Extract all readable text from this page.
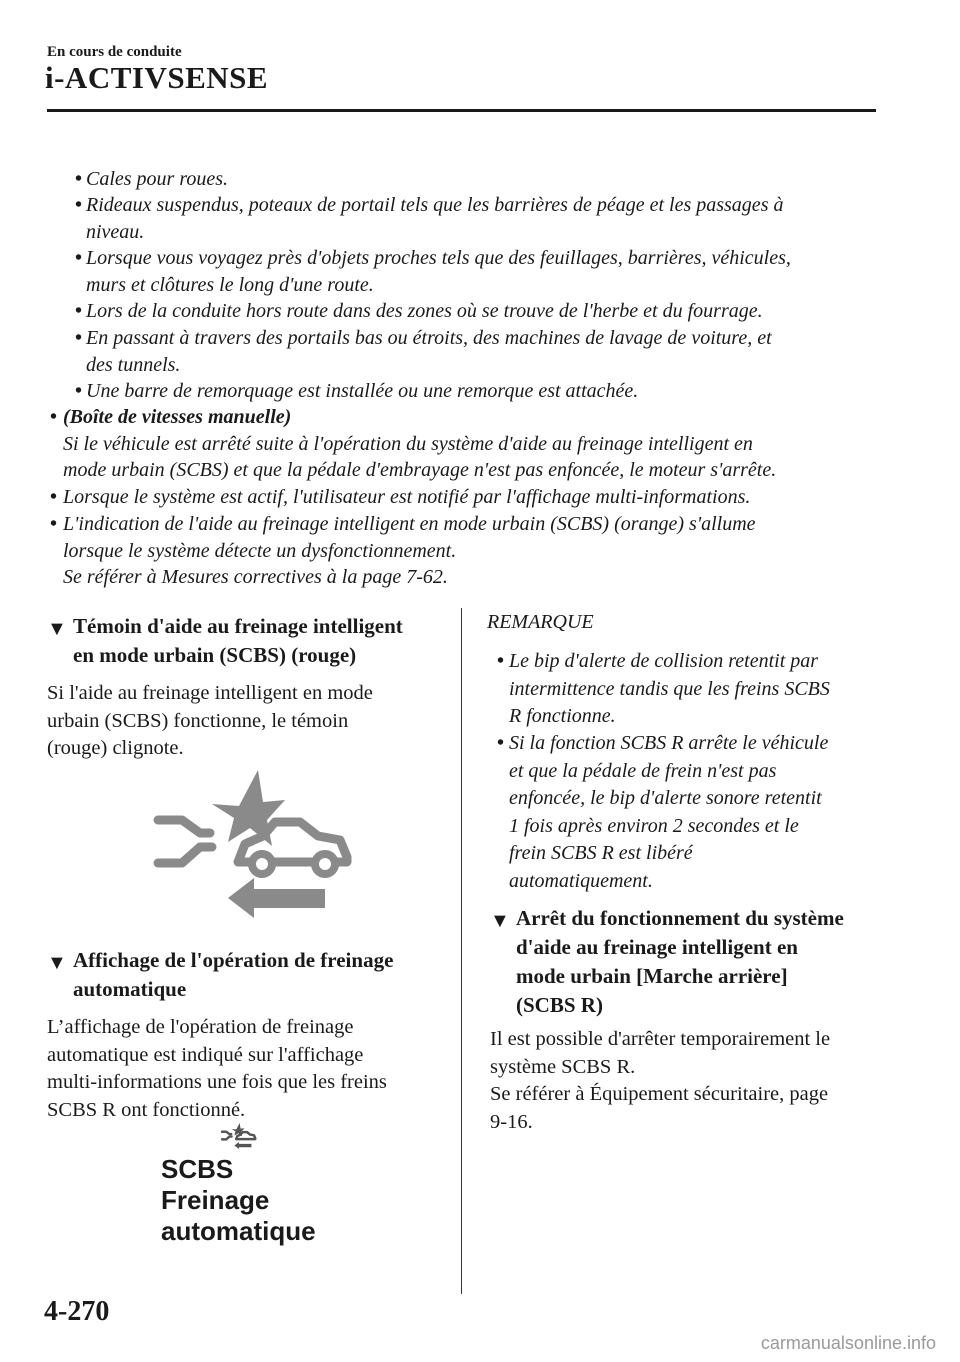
En cours de conduite
i-ACTIVSENSE
• Cales pour roues.
• Rideaux suspendus, poteaux de portail tels que les barrières de péage et les passages à
niveau.
• Lorsque vous voyagez près d'objets proches tels que des feuillages, barrières, véhicules,
murs et clôtures le long d'une route.
• Lors de la conduite hors route dans des zones où se trouve de l'herbe et du fourrage.
• En passant à travers des portails bas ou étroits, des machines de lavage de voiture, et
des tunnels.
• Une barre de remorquage est installée ou une remorque est attachée.
• (Boîte de vitesses manuelle)
Si le véhicule est arrêté suite à l'opération du système d'aide au freinage intelligent en
mode urbain (SCBS) et que la pédale d'embrayage n'est pas enfoncée, le moteur s'arrête.
• Lorsque le système est actif, l'utilisateur est notifié par l'affichage multi-informations.
• L'indication de l'aide au freinage intelligent en mode urbain (SCBS) (orange) s'allume
lorsque le système détecte un dysfonctionnement.
Se référer à Mesures correctives à la page 7-62.
▼ Témoin d'aide au freinage intelligent
en mode urbain (SCBS) (rouge)
Si l'aide au freinage intelligent en mode
urbain (SCBS) fonctionne, le témoin
(rouge) clignote.
▼ Affichage de l'opération de freinage
automatique
L’affichage de l'opération de freinage
automatique est indiqué sur l'affichage
multi-informations une fois que les freins
SCBS R ont fonctionné.
SCBS
Freinage
automatique
REMARQUE
• Le bip d'alerte de collision retentit par
intermittence tandis que les freins SCBS
R fonctionne.
• Si la fonction SCBS R arrête le véhicule
et que la pédale de frein n'est pas
enfoncée, le bip d'alerte sonore retentit
1 fois après environ 2 secondes et le
frein SCBS R est libéré
automatiquement.
▼ Arrêt du fonctionnement du système
d'aide au freinage intelligent en
mode urbain [Marche arrière]
(SCBS R)
Il est possible d'arrêter temporairement le
système SCBS R.
Se référer à Équipement sécuritaire, page
9-16.
4-270
carmanualsonline.info
